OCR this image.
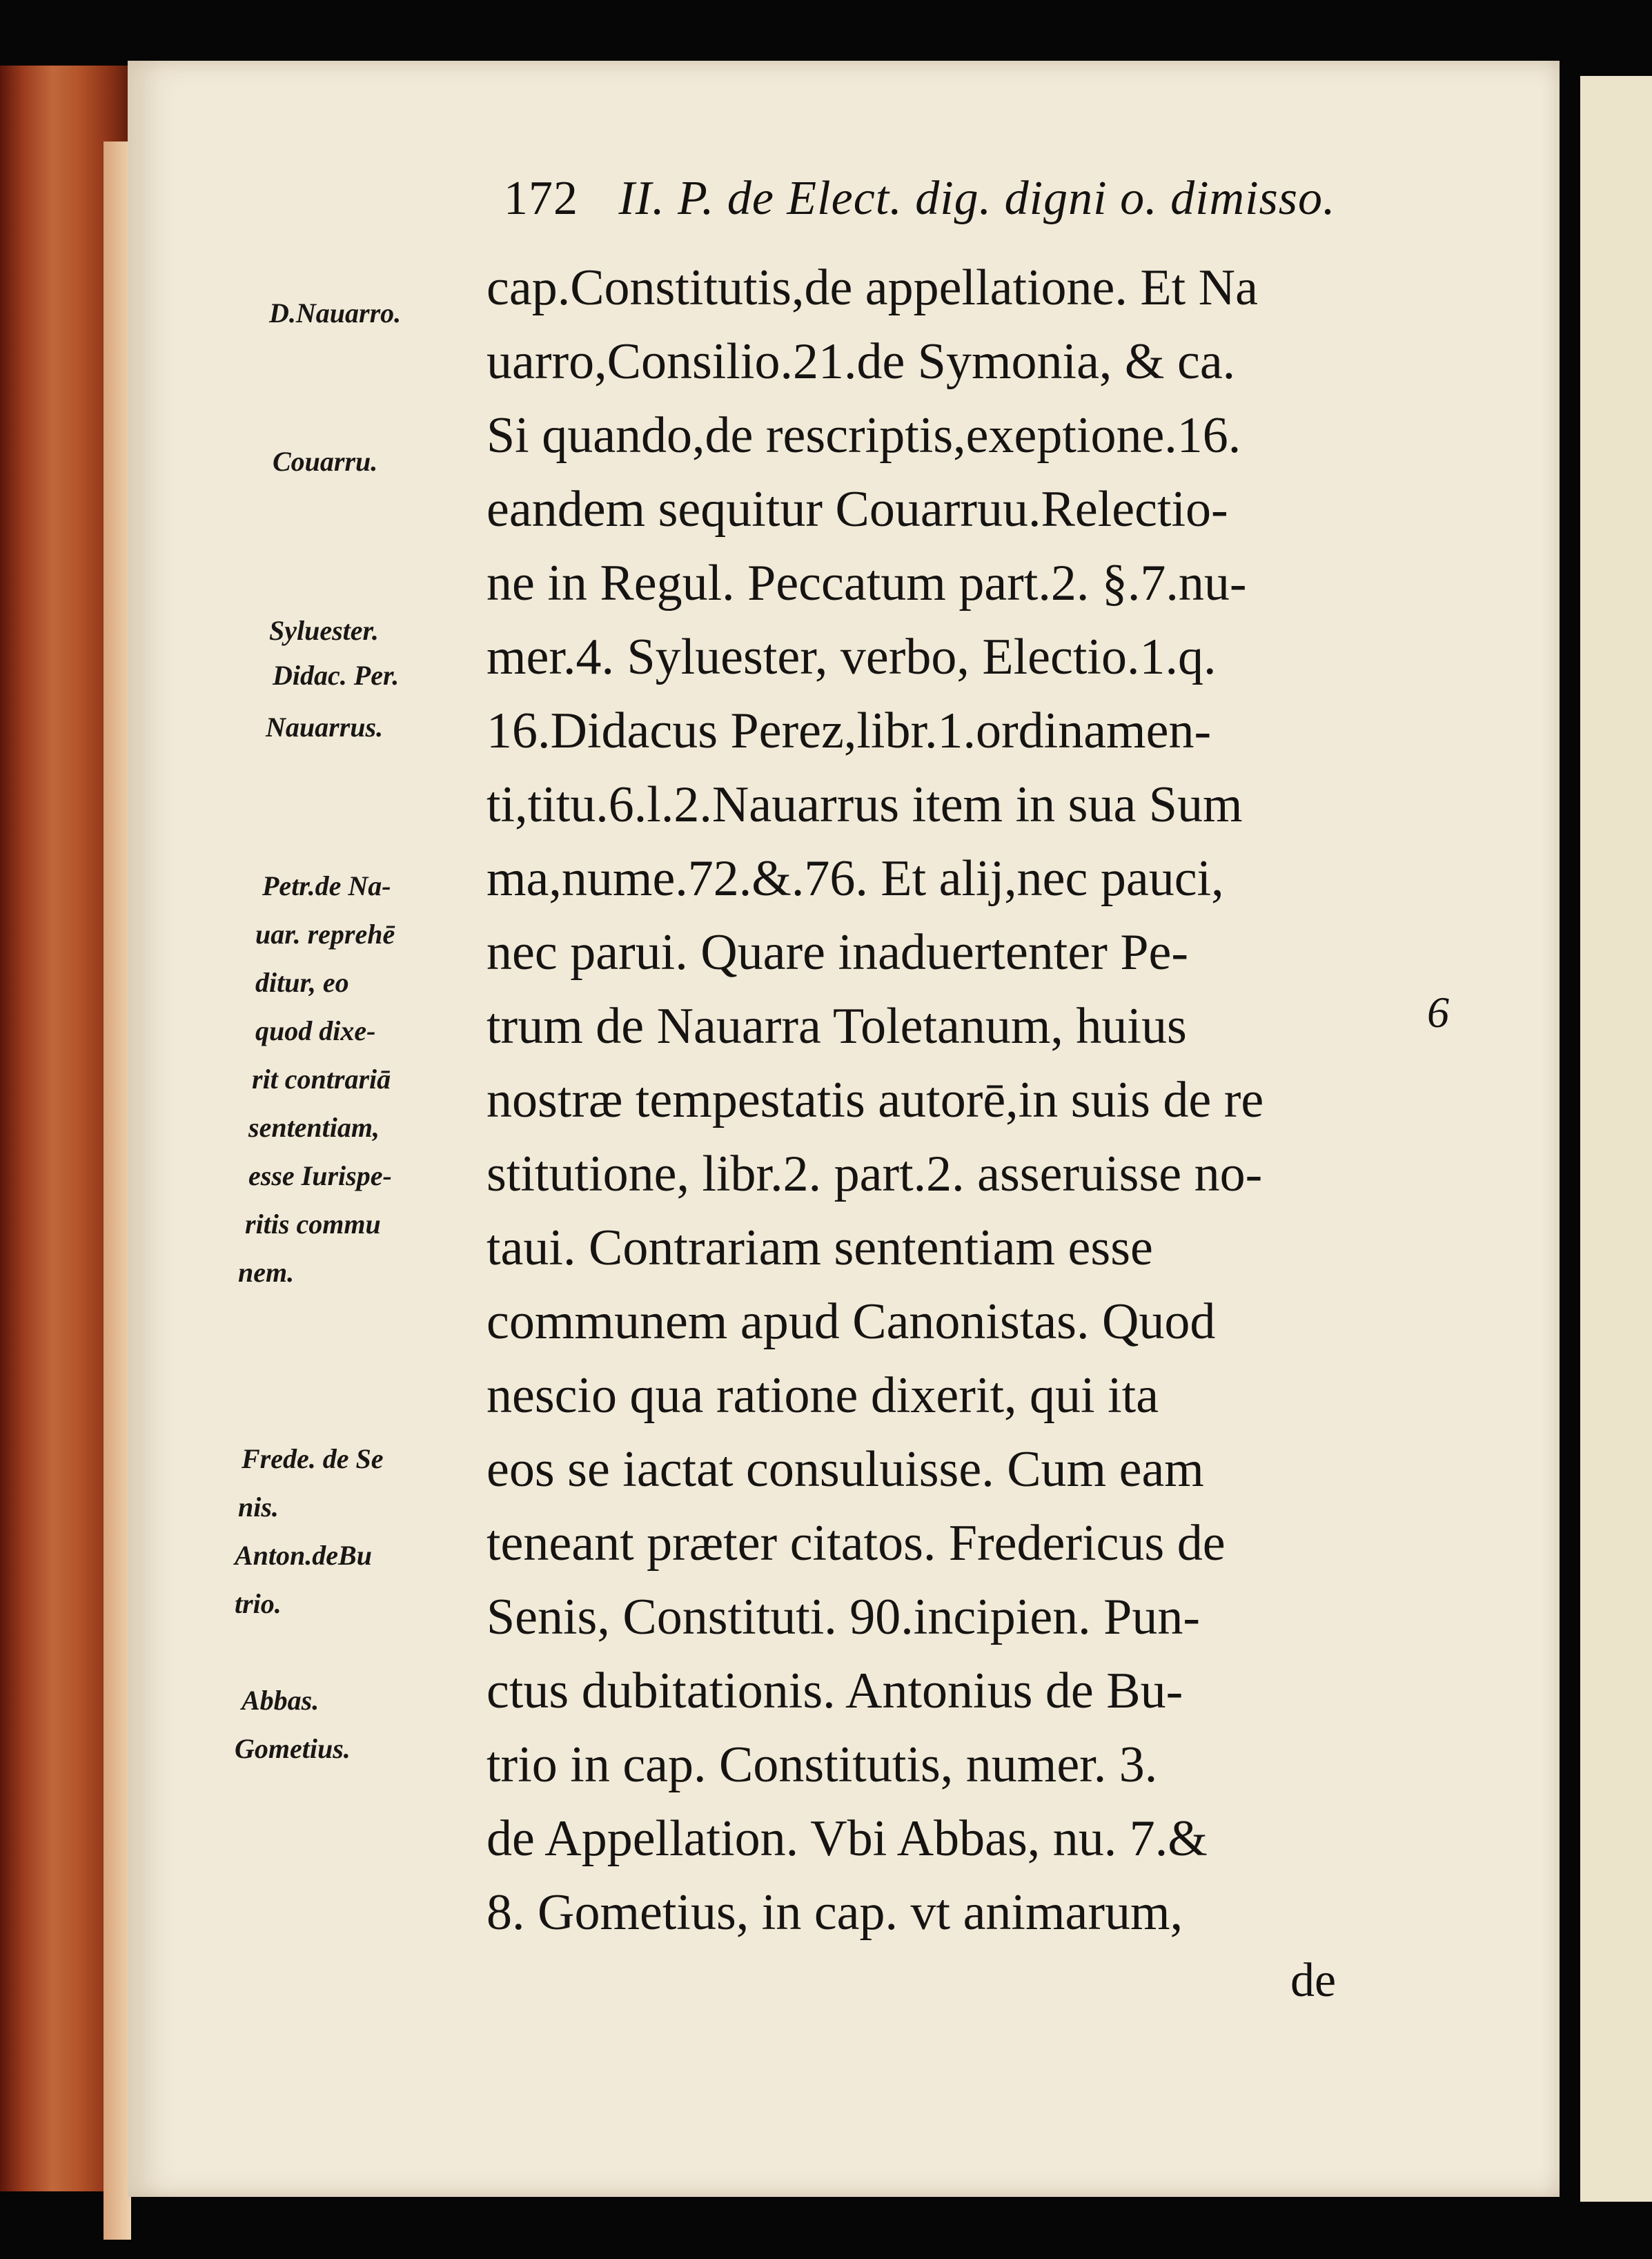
172 II. P. de Elect. dig. digni o. dimisso.
cap.Constitutis,de appellatione. Et Na
uarro,Consilio.21.de Symonia, & ca.
Si quando,de rescriptis,exeptione.16.
eandem sequitur Couarruu.Relectio-
ne in Regul. Peccatum part.2. §.7.nu-
mer.4. Syluester, verbo, Electio.1.q.
16.Didacus Perez,libr.1.ordinamen-
ti,titu.6.l.2.Nauarrus item in sua Sum
ma,nume.72.&.76. Et alij,nec pauci,
nec parui. Quare inaduertenter Pe-
trum de Nauarra Toletanum, huius
nostræ tempestatis autorē,in suis de re
stitutione, libr.2. part.2. asseruisse no-
taui. Contrariam sententiam esse
communem apud Canonistas. Quod
nescio qua ratione dixerit, qui ita
eos se iactat consuluisse. Cum eam
teneant præter citatos. Fredericus de
Senis, Constituti. 90.incipien. Pun-
ctus dubitationis. Antonius de Bu-
trio in cap. Constitutis, numer. 3.
de Appellation. Vbi Abbas, nu. 7.&
8. Gometius, in cap. vt animarum,
de
6
D.Nauarro.
Couarru.
Syluester.
Didac. Per.
Nauarrus.
Petr.de Na-
uar. reprehē
ditur, eo
quod dixe-
rit contrariā
sententiam,
esse Iurispe-
ritis commu
nem.
Frede. de Se
nis.
Anton.deBu
trio.
Abbas.
Gometius.
